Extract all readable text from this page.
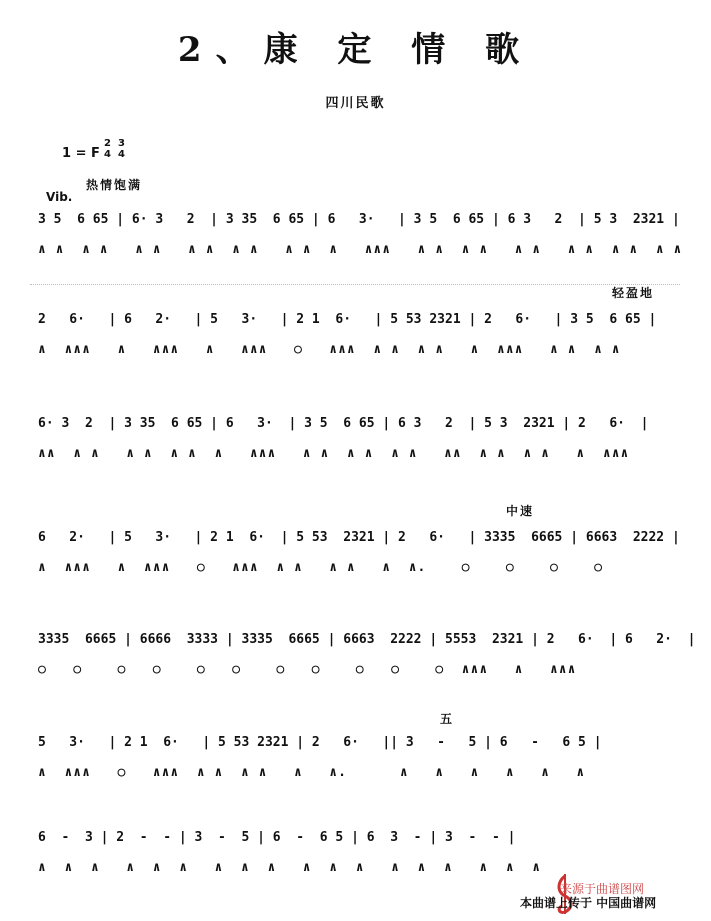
2、康 定 情 歌
四川民歌
1 = F
2
4
3
4
热情饱满
Vib.
轻盈地
中速
五
3 5  6 65 | 6· 3   2  | 3 35  6 65 | 6   3·   | 3 5  6 65 | 6 3   2  | 5 3  2321 |
∧ ∧  ∧ ∧   ∧ ∧   ∧ ∧  ∧ ∧   ∧ ∧  ∧   ∧∧∧   ∧ ∧  ∧ ∧   ∧ ∧   ∧ ∧  ∧ ∧  ∧ ∧
2   6·   | 6   2·   | 5   3·   | 2 1  6·   | 5 53 2321 | 2   6·   | 3 5  6 65 |
∧  ∧∧∧   ∧   ∧∧∧   ∧   ∧∧∧   ○   ∧∧∧  ∧ ∧  ∧ ∧   ∧  ∧∧∧   ∧ ∧  ∧ ∧
6· 3  2  | 3 35  6 65 | 6   3·  | 3 5  6 65 | 6 3   2  | 5 3  2321 | 2   6·  |
∧∧  ∧ ∧   ∧ ∧  ∧ ∧  ∧   ∧∧∧   ∧ ∧  ∧ ∧  ∧ ∧   ∧∧  ∧ ∧  ∧ ∧   ∧  ∧∧∧
6   2·   | 5   3·   | 2 1  6·  | 5 53  2321 | 2   6·   | 3335  6665 | 6663  2222 |
∧  ∧∧∧   ∧  ∧∧∧   ○   ∧∧∧  ∧ ∧   ∧ ∧   ∧  ∧.    ○    ○    ○    ○
3335  6665 | 6666  3333 | 3335  6665 | 6663  2222 | 5553  2321 | 2   6·  | 6   2·  |
○   ○    ○   ○    ○   ○    ○   ○    ○   ○    ○  ∧∧∧   ∧   ∧∧∧
5   3·   | 2 1  6·   | 5 53 2321 | 2   6·   || 3   -   5 | 6   -   6 5 |
∧  ∧∧∧   ○   ∧∧∧  ∧ ∧  ∧ ∧   ∧   ∧.      ∧   ∧   ∧   ∧   ∧   ∧
6  -  3 | 2  -  - | 3  -  5 | 6  -  6 5 | 6  3  - | 3  -  - |
∧  ∧  ∧   ∧  ∧  ∧   ∧  ∧  ∧   ∧  ∧  ∧   ∧  ∧  ∧   ∧  ∧  ∧
来源于曲谱图网
本曲谱上传于 中国曲谱网
